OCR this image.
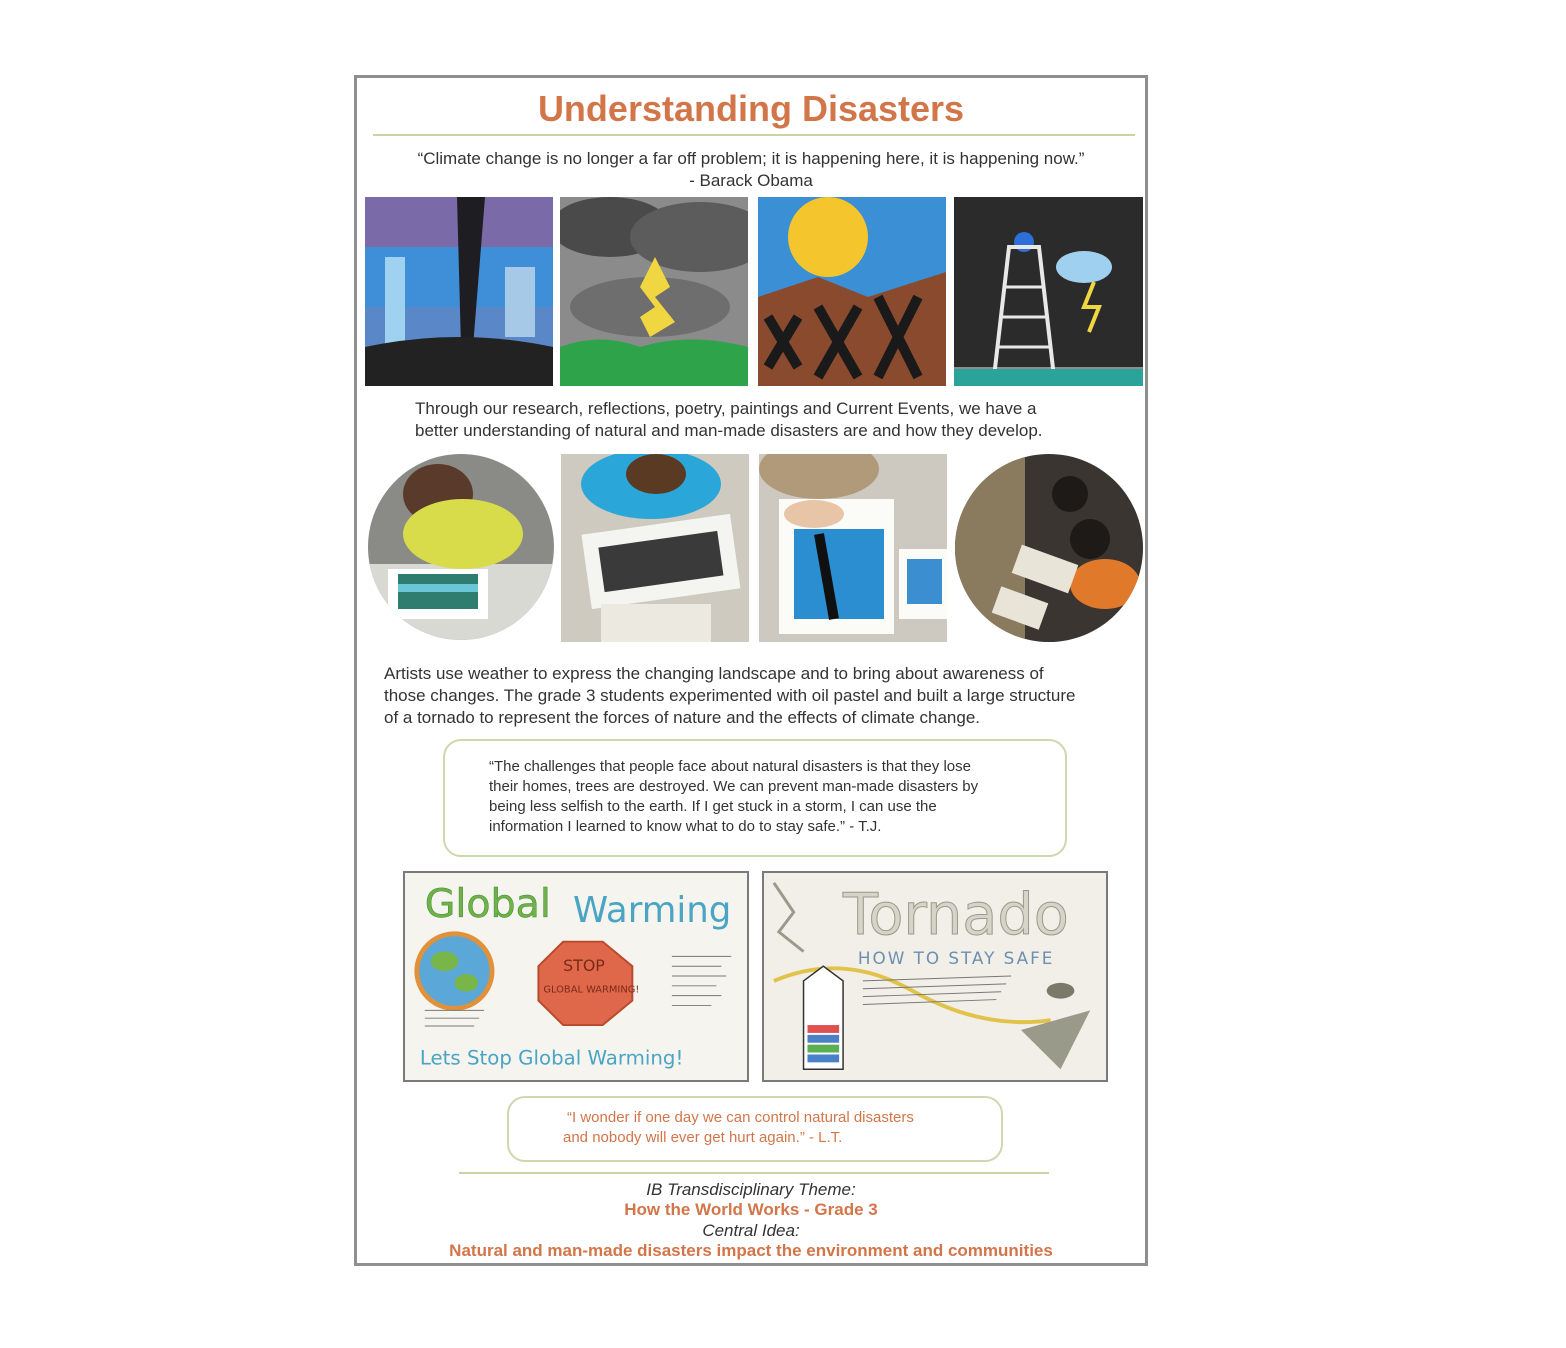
Understanding Disasters
“Climate change is no longer a far off problem; it is happening here, it is happening now.”
- Barack Obama
Through our research, reflections, poetry, paintings and Current Events, we have a
better understanding of natural and man-made disasters are and how they develop.
Artists use weather to express the changing landscape and to bring about awareness of
those changes. The grade 3 students experimented with oil pastel and built a large structure
of a tornado to represent the forces of nature and the effects of climate change.
“The challenges that people face about natural disasters is that they lose
their homes, trees are destroyed. We can prevent man-made disasters by
being less selfish to the earth. If I get stuck in a storm, I can use the
information I learned to know what to do to stay safe.” - T.J.
Global Warming
STOP
GLOBAL WARMING!
Lets Stop Global Warming!
Tornado
HOW TO STAY SAFE
“I wonder if one day we can control natural disasters
and nobody will ever get hurt again.” - L.T.
IB Transdisciplinary Theme:
How the World Works - Grade 3
Central Idea:
Natural and man-made disasters impact the environment and communities
